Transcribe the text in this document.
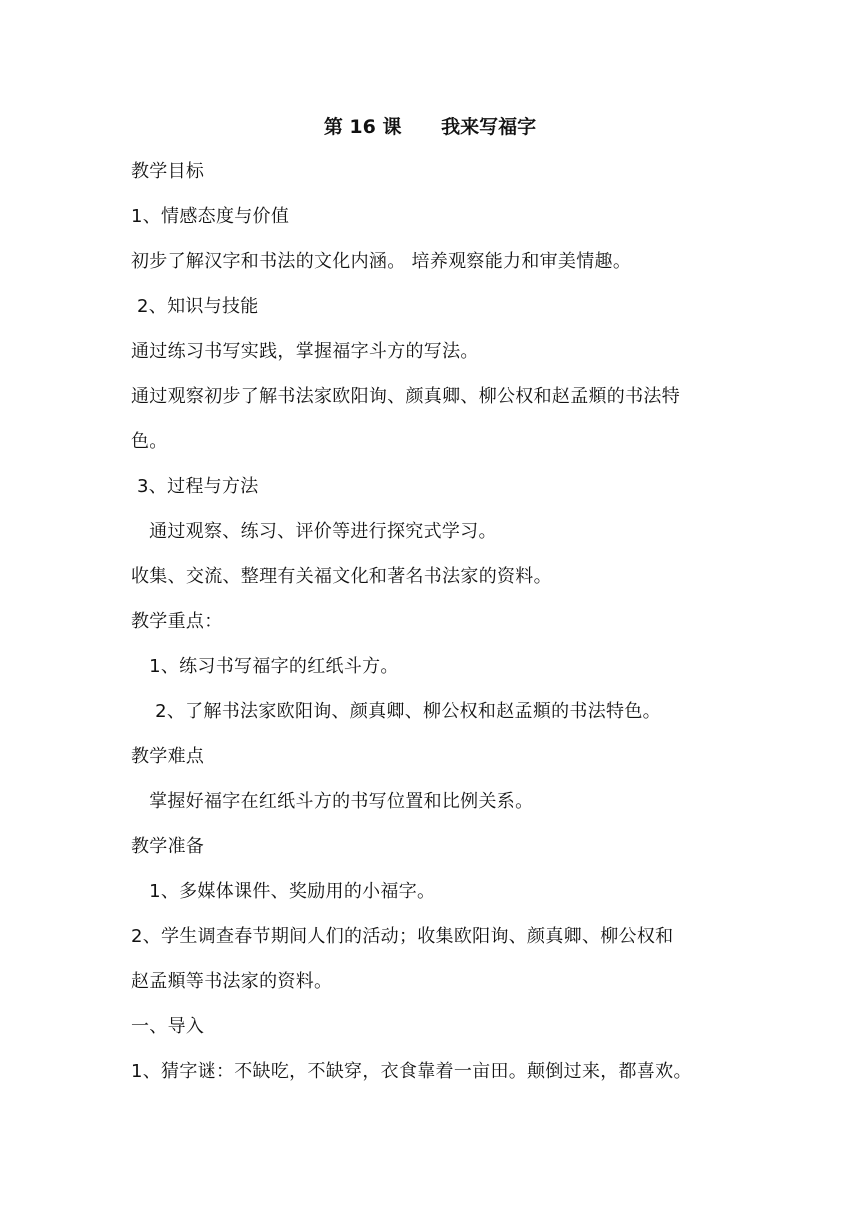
第 16 课      我来写福字
教学目标
1、情感态度与价值
初步了解汉字和书法的文化内涵。 培养观察能力和审美情趣。
2、知识与技能
通过练习书写实践，掌握福字斗方的写法。
通过观察初步了解书法家欧阳询、颜真卿、柳公权和赵孟頫的书法特
色。
3、过程与方法
通过观察、练习、评价等进行探究式学习。
收集、交流、整理有关福文化和著名书法家的资料。
教学重点：
1、练习书写福字的红纸斗方。
2、了解书法家欧阳询、颜真卿、柳公权和赵孟頫的书法特色。
教学难点
掌握好福字在红纸斗方的书写位置和比例关系。
教学准备
1、多媒体课件、奖励用的小福字。
2、学生调查春节期间人们的活动；收集欧阳询、颜真卿、柳公权和
赵孟頫等书法家的资料。
一、导入
1、猜字谜：不缺吃，不缺穿，衣食靠着一亩田。颠倒过来，都喜欢。
